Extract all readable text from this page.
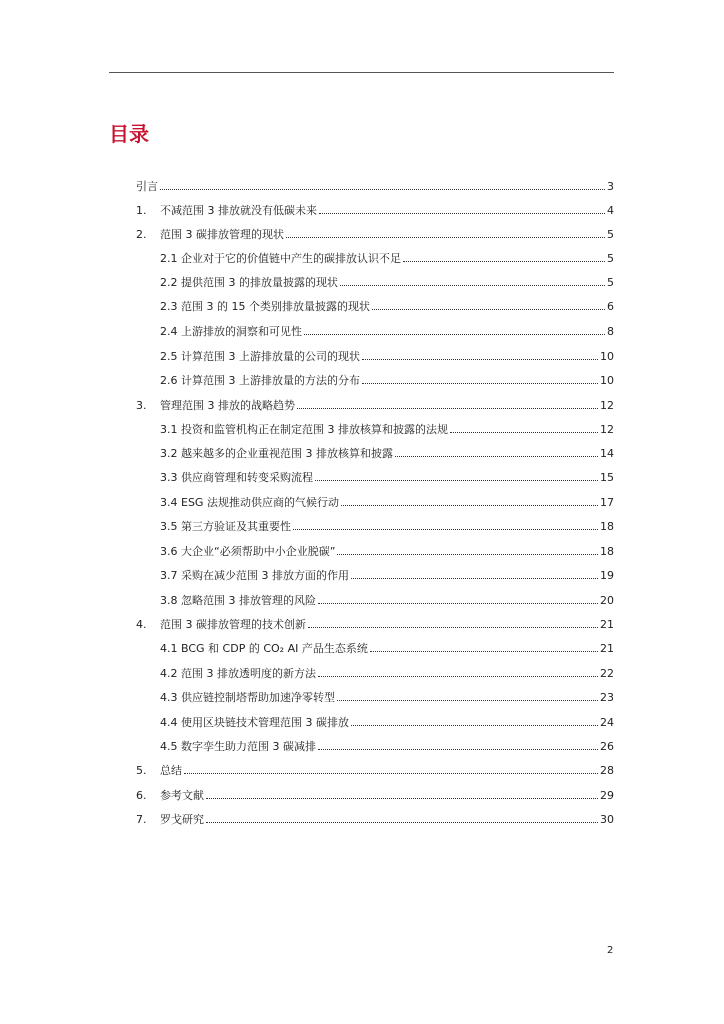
目录
引言	3
1.	不减范围 3 排放就没有低碳未来	4
2.	范围 3 碳排放管理的现状	5
2.1 企业对于它的价值链中产生的碳排放认识不足	5
2.2 提供范围 3 的排放量披露的现状	5
2.3 范围 3 的 15 个类别排放量披露的现状	6
2.4 上游排放的洞察和可见性	8
2.5 计算范围 3 上游排放量的公司的现状	10
2.6 计算范围 3 上游排放量的方法的分布	10
3.	管理范围 3 排放的战略趋势	12
3.1 投资和监管机构正在制定范围 3 排放核算和披露的法规	12
3.2 越来越多的企业重视范围 3 排放核算和披露	14
3.3 供应商管理和转变采购流程	15
3.4 ESG 法规推动供应商的气候行动	17
3.5 第三方验证及其重要性	18
3.6 大企业“必须帮助中小企业脱碳”	18
3.7 采购在减少范围 3 排放方面的作用	19
3.8 忽略范围 3 排放管理的风险	20
4.	范围 3 碳排放管理的技术创新	21
4.1 BCG 和 CDP 的 CO₂ AI 产品生态系统	21
4.2 范围 3 排放透明度的新方法	22
4.3 供应链控制塔帮助加速净零转型	23
4.4 使用区块链技术管理范围 3 碳排放	24
4.5 数字孪生助力范围 3 碳减排	26
5.	总结	28
6.	参考文献	29
7.	罗戈研究	30
2
